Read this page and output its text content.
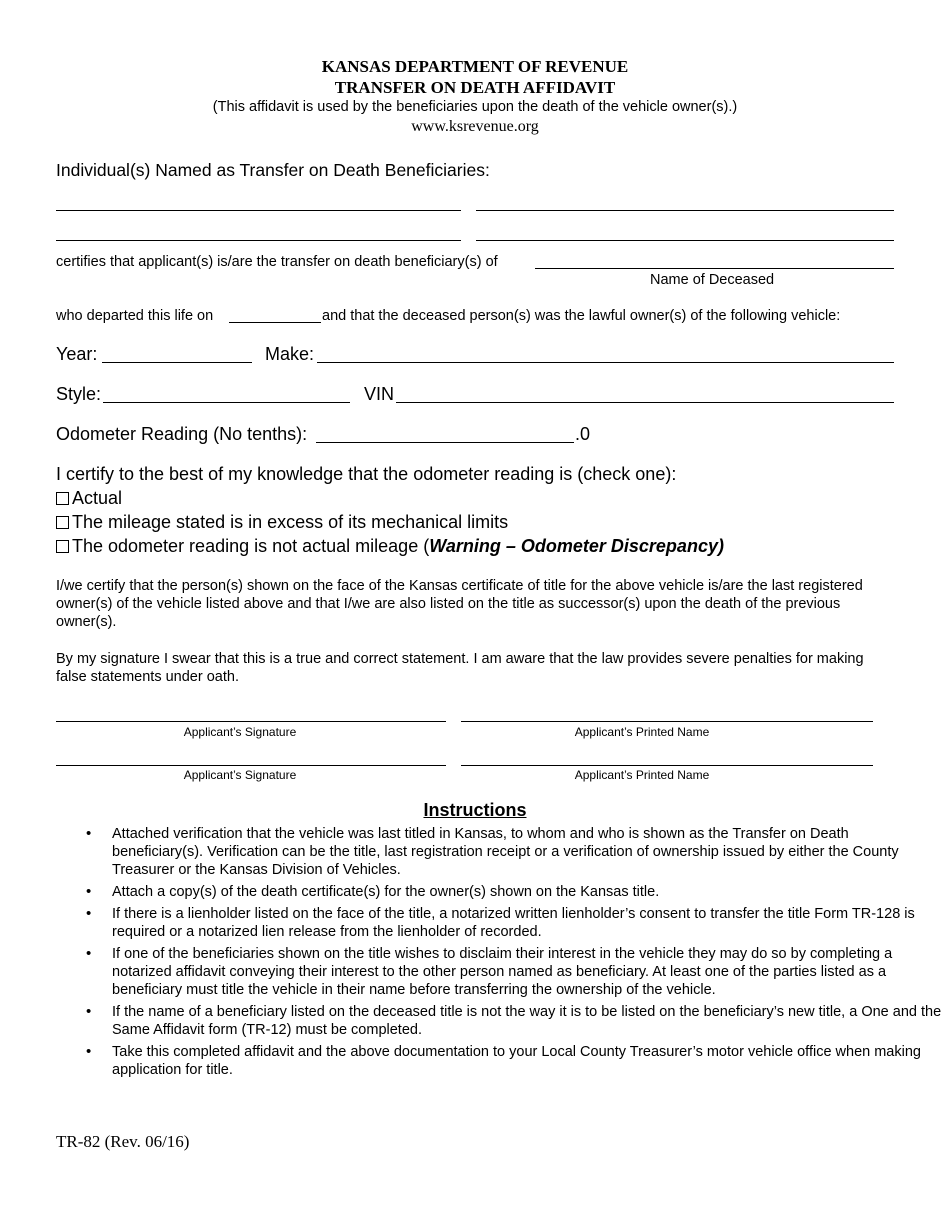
KANSAS DEPARTMENT OF REVENUE
TRANSFER ON DEATH AFFIDAVIT
(This affidavit is used by the beneficiaries upon the death of the vehicle owner(s).)
www.ksrevenue.org
Individual(s) Named as Transfer on Death Beneficiaries:
certifies that applicant(s) is/are the transfer on death beneficiary(s) of
Name of Deceased
who departed this life on	and that the deceased person(s) was the lawful owner(s) of the following vehicle:
Year:	Make:
Style:	VIN
Odometer Reading (No tenths):	.0
I certify to the best of my knowledge that the odometer reading is (check one):
Actual
The mileage stated is in excess of its mechanical limits
The odometer reading is not actual mileage (Warning – Odometer Discrepancy)
I/we certify that the person(s) shown on the face of the Kansas certificate of title for the above vehicle is/are the last registered owner(s) of the vehicle listed above and that I/we are also listed on the title as successor(s) upon the death of the previous owner(s).
By my signature I swear that this is a true and correct statement. I am aware that the law provides severe penalties for making false statements under oath.
Applicant’s Signature	Applicant’s Printed Name
Applicant’s Signature	Applicant’s Printed Name
Instructions
• Attached verification that the vehicle was last titled in Kansas, to whom and who is shown as the Transfer on Death beneficiary(s). Verification can be the title, last registration receipt or a verification of ownership issued by either the County Treasurer or the Kansas Division of Vehicles.
• Attach a copy(s) of the death certificate(s) for the owner(s) shown on the Kansas title.
• If there is a lienholder listed on the face of the title, a notarized written lienholder’s consent to transfer the title Form TR-128 is required or a notarized lien release from the lienholder of recorded.
• If one of the beneficiaries shown on the title wishes to disclaim their interest in the vehicle they may do so by completing a notarized affidavit conveying their interest to the other person named as beneficiary. At least one of the parties listed as a beneficiary must title the vehicle in their name before transferring the ownership of the vehicle.
• If the name of a beneficiary listed on the deceased title is not the way it is to be listed on the beneficiary’s new title, a One and the Same Affidavit form (TR-12) must be completed.
• Take this completed affidavit and the above documentation to your Local County Treasurer’s motor vehicle office when making application for title.
TR-82 (Rev. 06/16)
